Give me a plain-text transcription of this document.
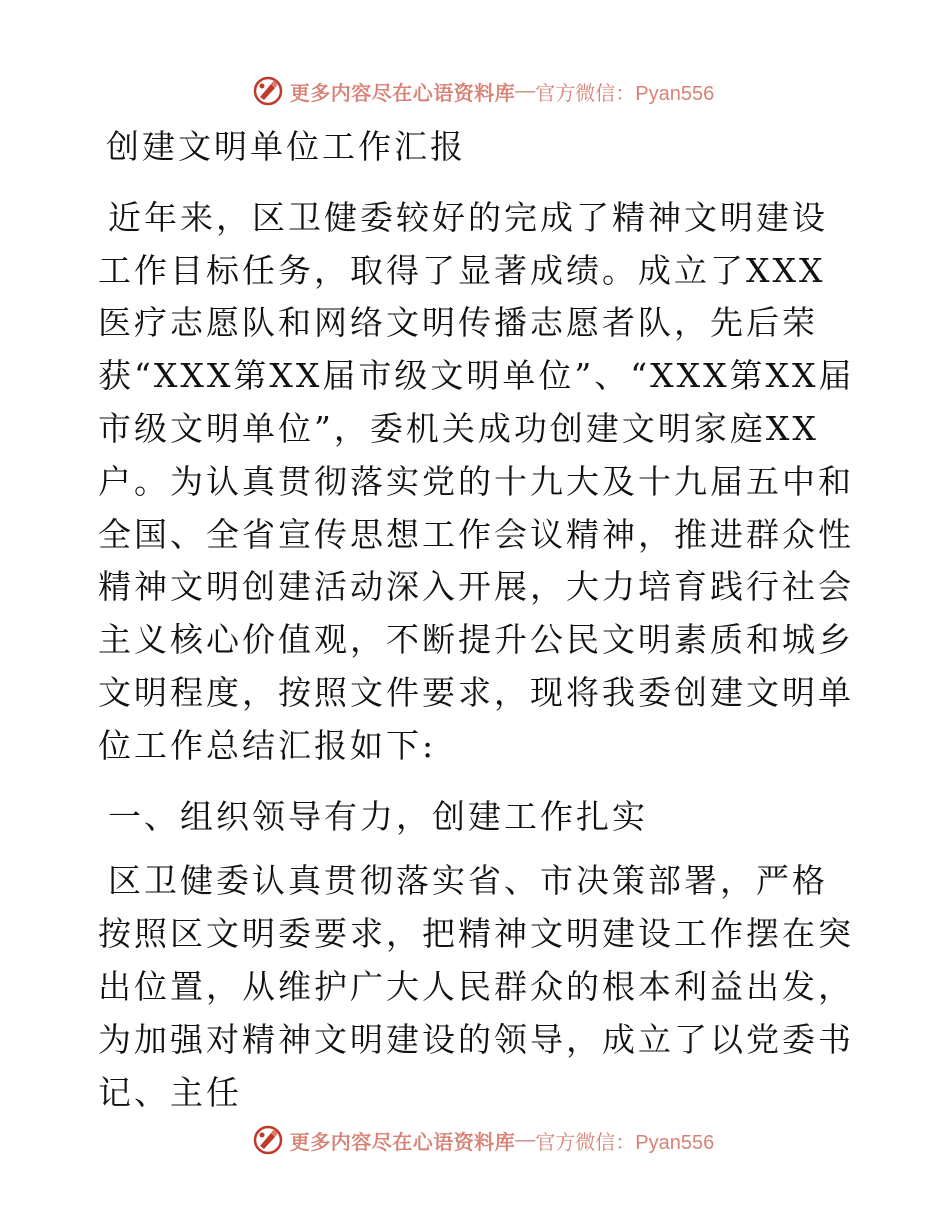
更多内容尽在心语资料库 — 官方微信：Pyan556

创建文明单位工作汇报

近年来，区卫健委较好的完成了精神文明建设工作目标任务，取得了显著成绩。成立了XXX医疗志愿队和网络文明传播志愿者队，先后荣获“XXX第XX届市级文明单位”、“XXX第XX届市级文明单位”，委机关成功创建文明家庭XX户。为认真贯彻落实党的十九大及十九届五中和全国、全省宣传思想工作会议精神，推进群众性精神文明创建活动深入开展，大力培育践行社会主义核心价值观，不断提升公民文明素质和城乡文明程度，按照文件要求，现将我委创建文明单位工作总结汇报如下:

一、组织领导有力，创建工作扎实

区卫健委认真贯彻落实省、市决策部署，严格按照区文明委要求，把精神文明建设工作摆在突出位置，从维护广大人民群众的根本利益出发，为加强对精神文明建设的领导，成立了以党委书记、主任

更多内容尽在心语资料库 — 官方微信：Pyan556
